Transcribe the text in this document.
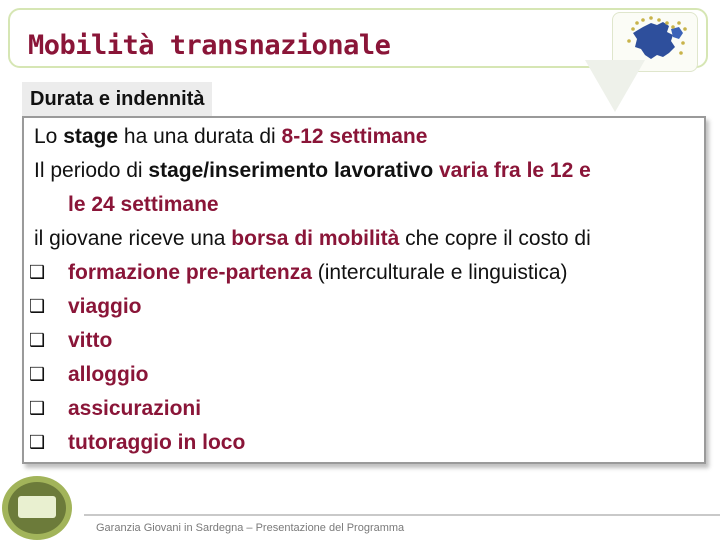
Mobilità transnazionale
Durata e indennità
Lo stage ha una durata di 8-12 settimane
Il periodo di stage/inserimento lavorativo varia fra le 12 e
le 24 settimane
il giovane riceve una borsa di mobilità che copre il costo di
❑ formazione pre-partenza (interculturale e linguistica)
❑ viaggio
❑ vitto
❑ alloggio
❑ assicurazioni
❑ tutoraggio in loco
Garanzia Giovani in Sardegna – Presentazione del Programma
